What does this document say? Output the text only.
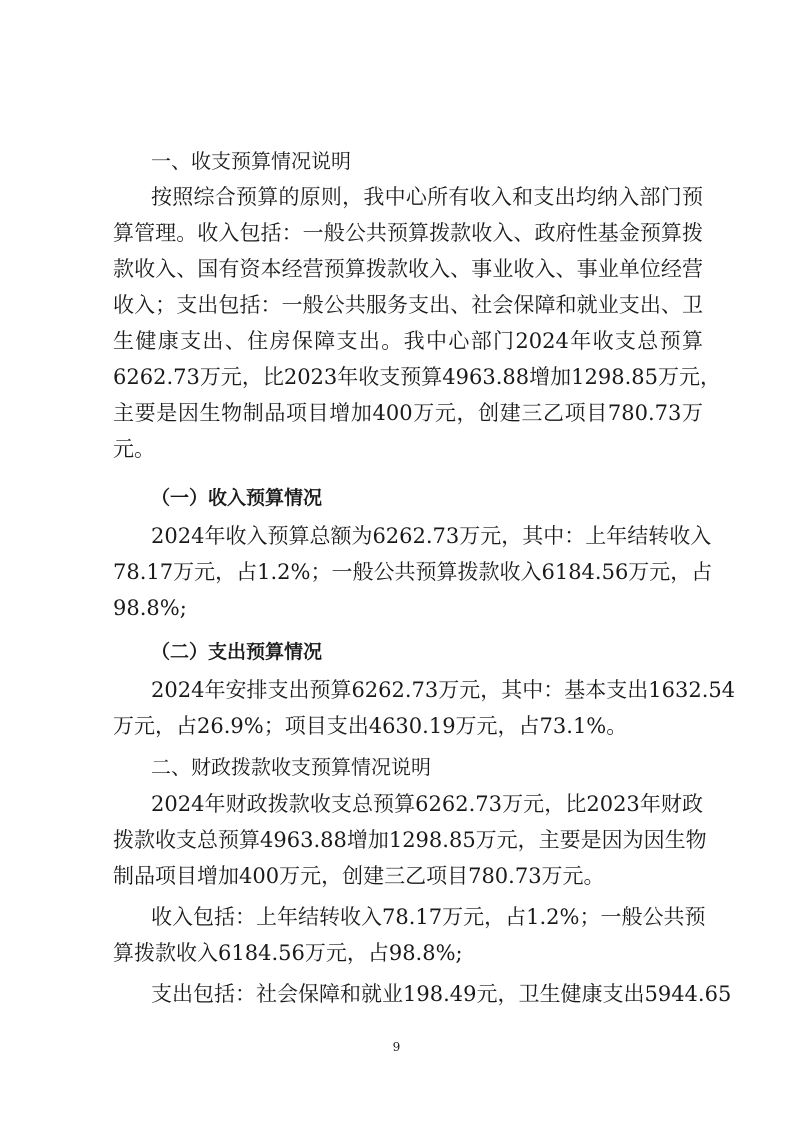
一、收支预算情况说明
按照综合预算的原则，我中心所有收入和支出均纳入部门预
算管理。收入包括：一般公共预算拨款收入、政府性基金预算拨
款收入、国有资本经营预算拨款收入、事业收入、事业单位经营
收入；支出包括：一般公共服务支出、社会保障和就业支出、卫
生健康支出、住房保障支出。我中心部门2024年收支总预算
6262.73万元，比2023年收支预算4963.88增加1298.85万元，
主要是因生物制品项目增加400万元，创建三乙项目780.73万
元。
（一）收入预算情况
2024年收入预算总额为6262.73万元，其中：上年结转收入
78.17万元，占1.2%；一般公共预算拨款收入6184.56万元，占
98.8%;
（二）支出预算情况
2024年安排支出预算6262.73万元，其中：基本支出1632.54
万元，占26.9%；项目支出4630.19万元，占73.1%。
二、财政拨款收支预算情况说明
2024年财政拨款收支总预算6262.73万元，比2023年财政
拨款收支总预算4963.88增加1298.85万元，主要是因为因生物
制品项目增加400万元，创建三乙项目780.73万元。
收入包括：上年结转收入78.17万元，占1.2%；一般公共预
算拨款收入6184.56万元，占98.8%;
支出包括：社会保障和就业198.49元，卫生健康支出5944.65
9
